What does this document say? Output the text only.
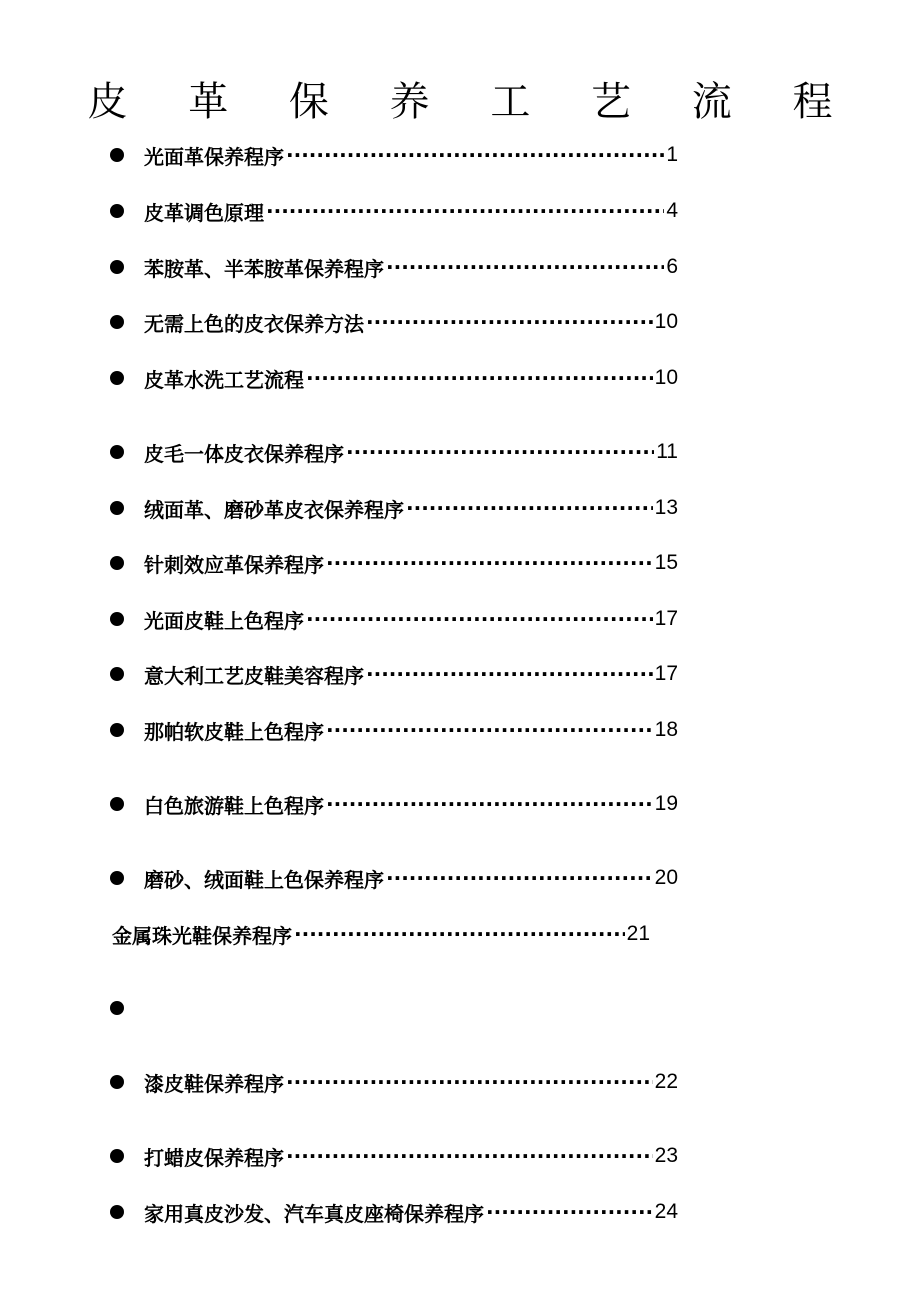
皮 革 保 养 工 艺 流 程
光面革保养程序 ·····	1
皮革调色原理 ·····	4
苯胺革、半苯胺革保养程序 ·····	6
无需上色的皮衣保养方法 ·····	10
皮革水洗工艺流程 ·····	10
皮毛一体皮衣保养程序 ·····	11
绒面革、磨砂革皮衣保养程序 ·····	13
针刺效应革保养程序 ·····	15
光面皮鞋上色程序 ·····	17
意大利工艺皮鞋美容程序 ·····	17
那帕软皮鞋上色程序 ·····	18
白色旅游鞋上色程序 ·····	19
磨砂、绒面鞋上色保养程序 ·····	20
金属珠光鞋保养程序 ·····	21
漆皮鞋保养程序 ·····	22
打蜡皮保养程序 ·····	23
家用真皮沙发、汽车真皮座椅保养程序 ·····	24
